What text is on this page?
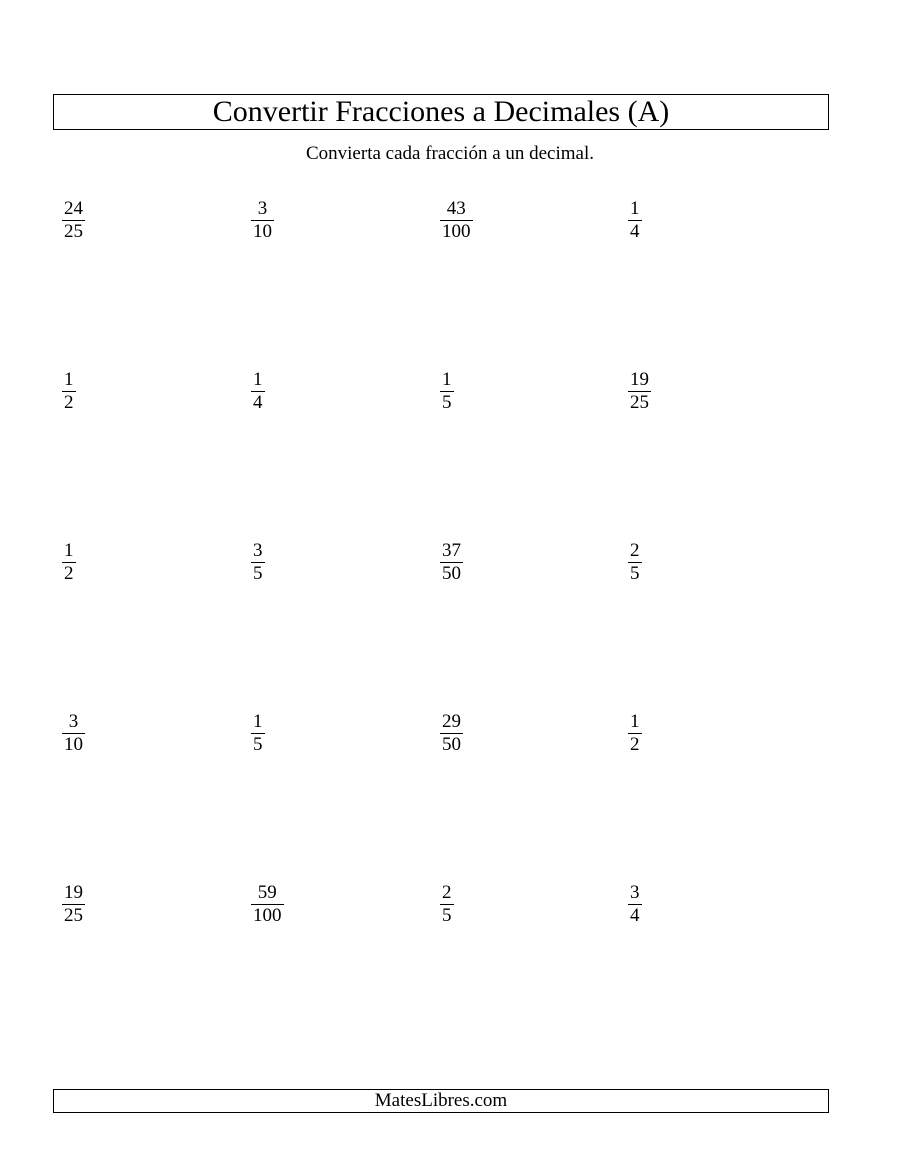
Convertir Fracciones a Decimales (A)
Convierta cada fracción a un decimal.
24
25
3
10
43
100
1
4
1
2
1
4
1
5
19
25
1
2
3
5
37
50
2
5
3
10
1
5
29
50
1
2
19
25
59
100
2
5
3
4
MatesLibres.com
